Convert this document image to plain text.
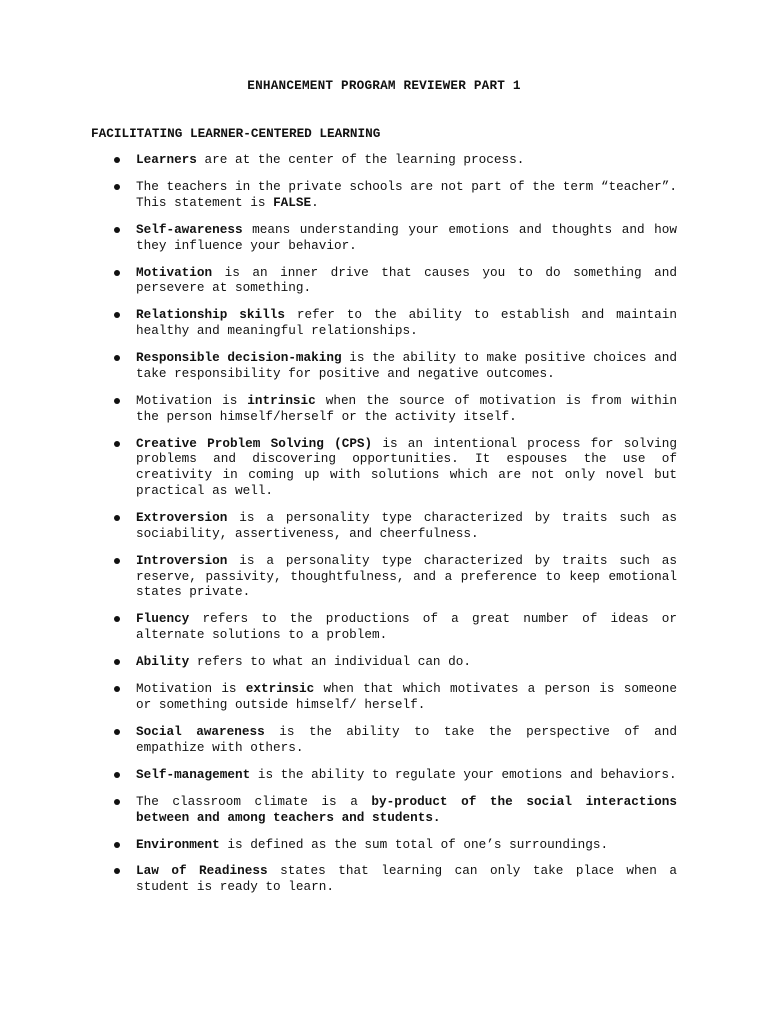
ENHANCEMENT PROGRAM REVIEWER PART 1
FACILITATING LEARNER-CENTERED LEARNING
Learners are at the center of the learning process.
The teachers in the private schools are not part of the term “teacher”. This statement is FALSE.
Self-awareness means understanding your emotions and thoughts and how they influence your behavior.
Motivation is an inner drive that causes you to do something and persevere at something.
Relationship skills refer to the ability to establish and maintain healthy and meaningful relationships.
Responsible decision-making is the ability to make positive choices and take responsibility for positive and negative outcomes.
Motivation is intrinsic when the source of motivation is from within the person himself/herself or the activity itself.
Creative Problem Solving (CPS) is an intentional process for solving problems and discovering opportunities. It espouses the use of creativity in coming up with solutions which are not only novel but practical as well.
Extroversion is a personality type characterized by traits such as sociability, assertiveness, and cheerfulness.
Introversion is a personality type characterized by traits such as reserve, passivity, thoughtfulness, and a preference to keep emotional states private.
Fluency refers to the productions of a great number of ideas or alternate solutions to a problem.
Ability refers to what an individual can do.
Motivation is extrinsic when that which motivates a person is someone or something outside himself/ herself.
Social awareness is the ability to take the perspective of and empathize with others.
Self-management is the ability to regulate your emotions and behaviors.
The classroom climate is a by-product of the social interactions between and among teachers and students.
Environment is defined as the sum total of one’s surroundings.
Law of Readiness states that learning can only take place when a student is ready to learn.
